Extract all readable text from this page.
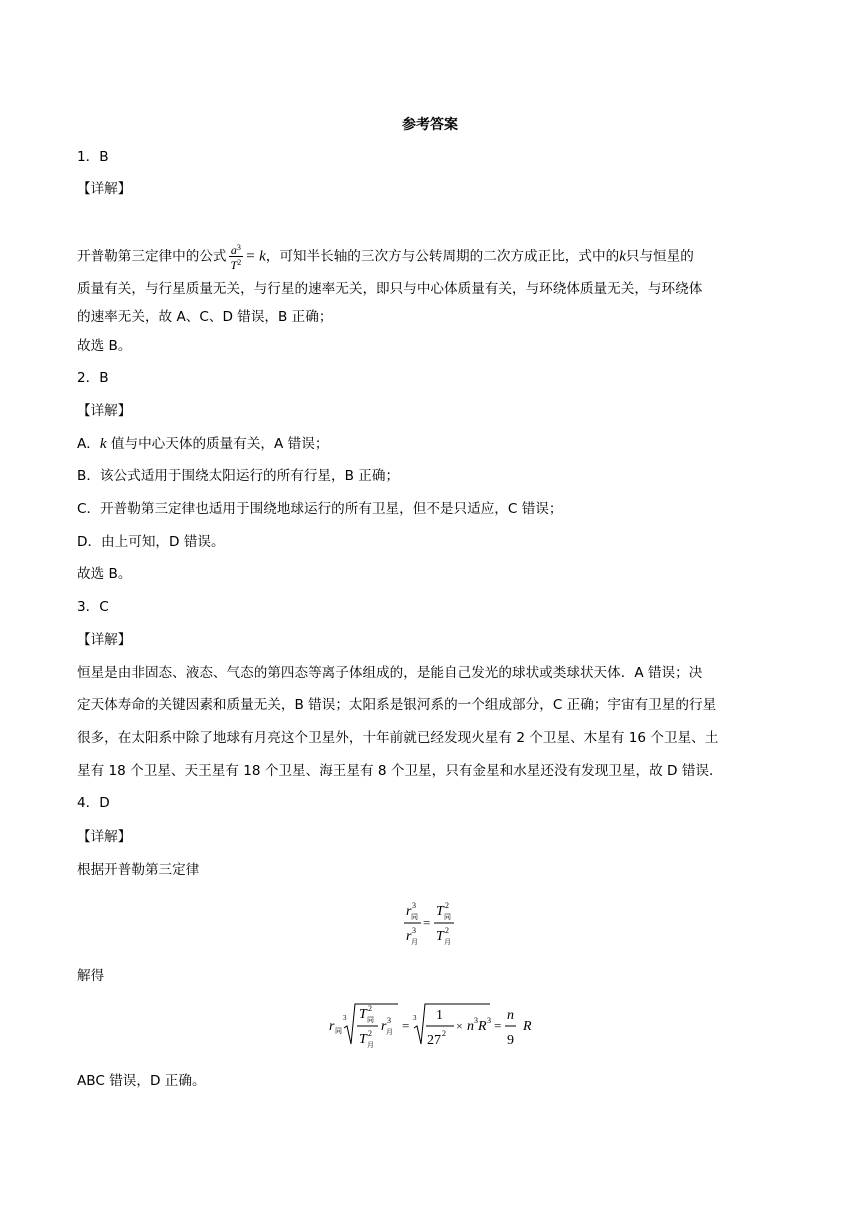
参考答案
1．B
【详解】
开普勒第三定律中的公式 $\frac{a^3}{T^2} = k$，可知半长轴的三次方与公转周期的二次方成正比，式中的k只与恒星的
质量有关，与行星质量无关，与行星的速率无关，即只与中心体质量有关，与环绕体质量无关，与环绕体
的速率无关，故 A、C、D 错误，B 正确；
故选 B。
2．B
【详解】
A．k 值与中心天体的质量有关，A 错误；
B．该公式适用于围绕太阳运行的所有行星，B 正确；
C．开普勒第三定律也适用于围绕地球运行的所有卫星，但不是只适应，C 错误；
D．由上可知，D 错误。
故选 B。
3．C
【详解】
恒星是由非固态、液态、气态的第四态等离子体组成的，是能自己发光的球状或类球状天体．A 错误；决
定天体寿命的关键因素和质量无关，B 错误；太阳系是银河系的一个组成部分，C 正确；宇宙有卫星的行星
很多，在太阳系中除了地球有月亮这个卫星外，十年前就已经发现火星有 2 个卫星、木星有 16 个卫星、土
星有 18 个卫星、天王星有 18 个卫星、海王星有 8 个卫星，只有金星和水星还没有发现卫星，故 D 错误．
4．D
【详解】
根据开普勒第三定律
r 3
同
r 3
月
=
T 2
同
T 2
月
解得
r 同
3 T 2
同
T 2
月
r 3
月 = 3 1
27 2
× n 3 R 3 =
n
9
R
ABC 错误，D 正确。
